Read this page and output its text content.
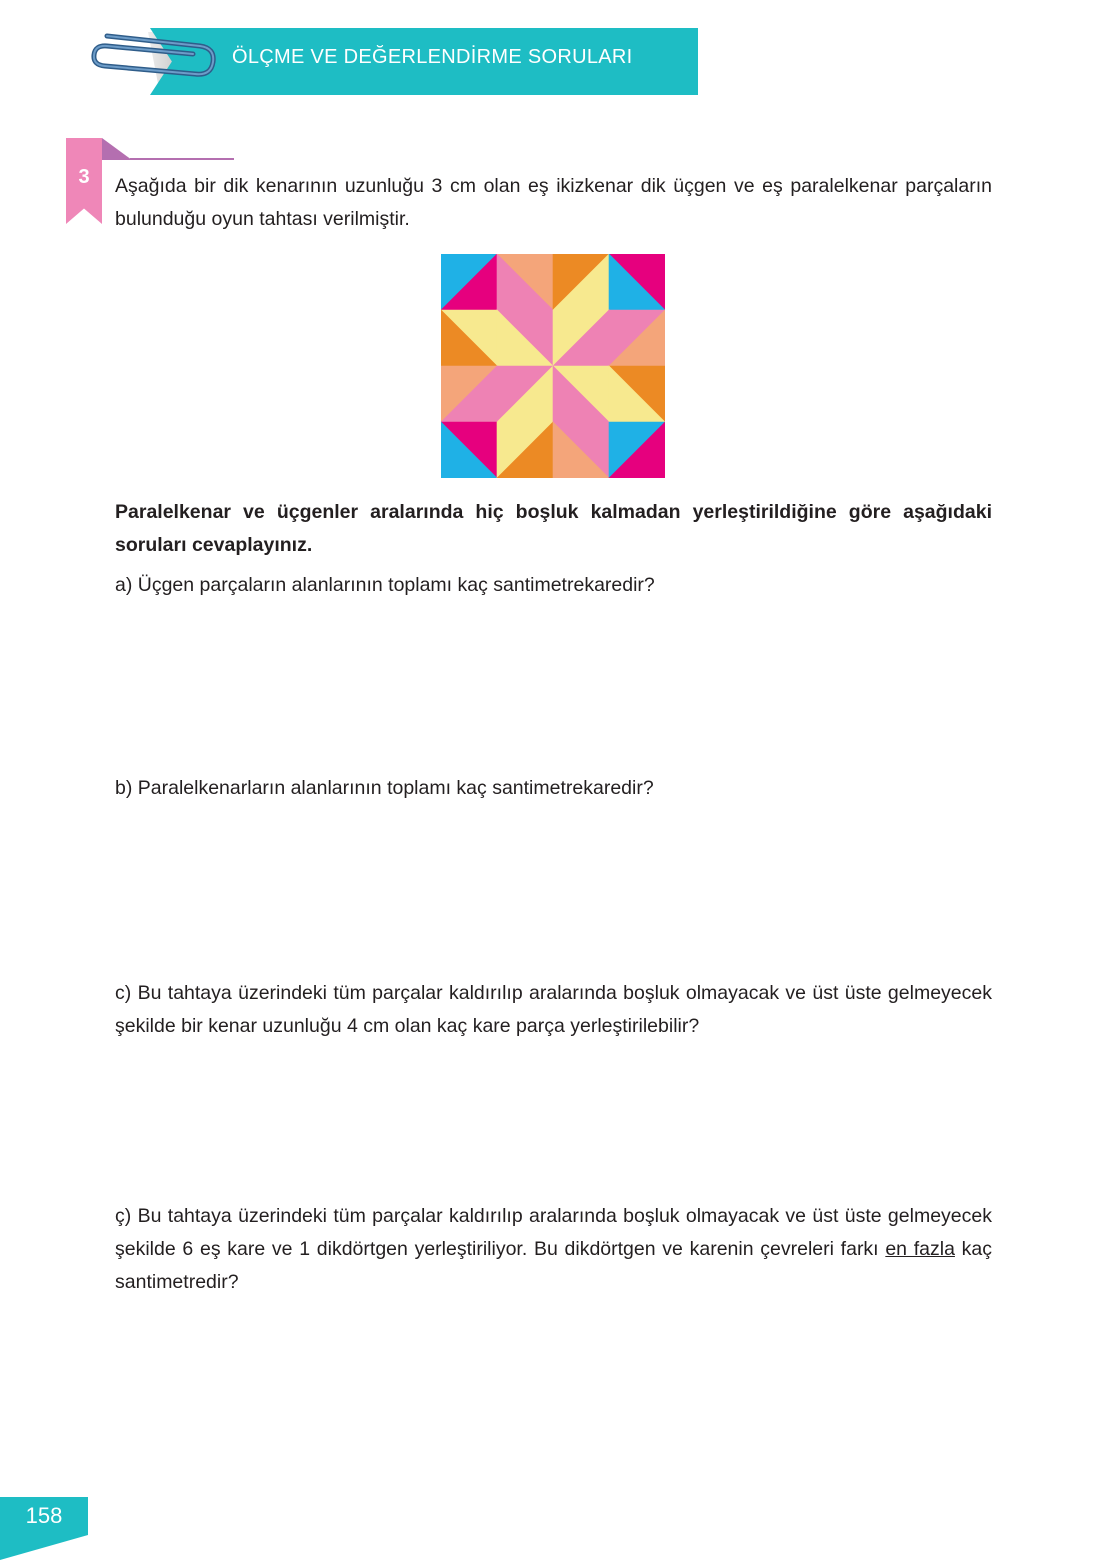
ÖLÇME VE DEĞERLENDİRME SORULARI
3	Aşağıda bir dik kenarının uzunluğu 3 cm olan eş ikizkenar dik üçgen ve eş paralelkenar parçaların bulunduğu oyun tahtası verilmiştir.
Paralelkenar ve üçgenler aralarında hiç boşluk kalmadan yerleştirildiğine göre aşağıdaki soruları cevaplayınız.
a) Üçgen parçaların alanlarının toplamı kaç santimetrekaredir?
b) Paralelkenarların alanlarının toplamı kaç santimetrekaredir?
c) Bu tahtaya üzerindeki tüm parçalar kaldırılıp aralarında boşluk olmayacak ve üst üste gelmeyecek şekilde bir kenar uzunluğu 4 cm olan kaç kare parça yerleştirilebilir?
ç) Bu tahtaya üzerindeki tüm parçalar kaldırılıp aralarında boşluk olmayacak ve üst üste gelmeyecek şekilde 6 eş kare ve 1 dikdörtgen yerleştiriliyor. Bu dikdörtgen ve karenin çevreleri farkı en fazla kaç santimetredir?
158
